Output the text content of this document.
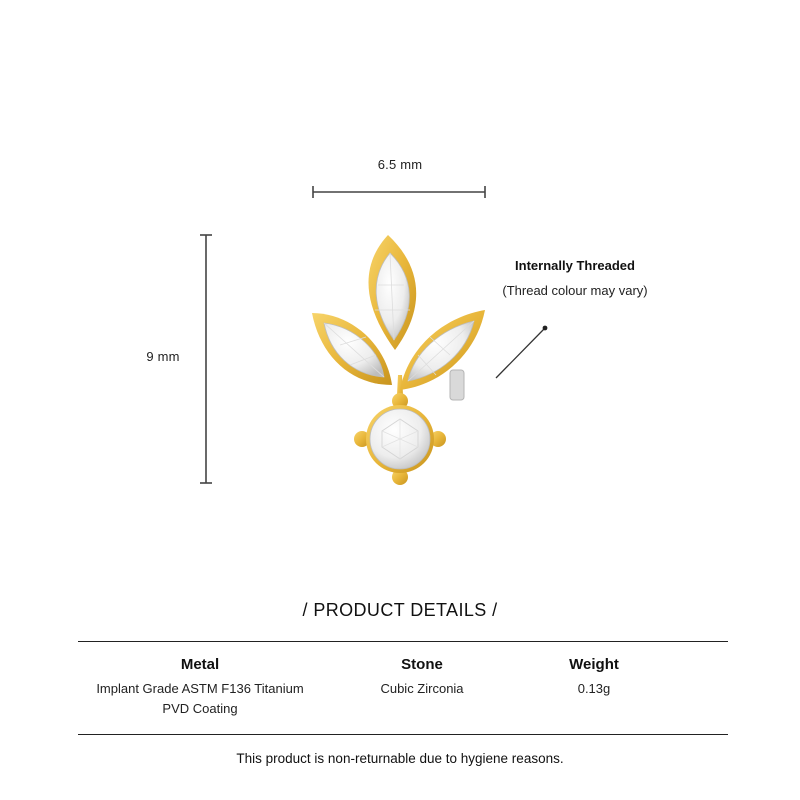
6.5 mm
9 mm
Internally Threaded
(Thread colour may vary)
/ PRODUCT DETAILS /
Metal
Implant Grade ASTM F136 Titanium
PVD Coating
Stone
Cubic Zirconia
Weight
0.13g
This product is non-returnable due to hygiene reasons.
